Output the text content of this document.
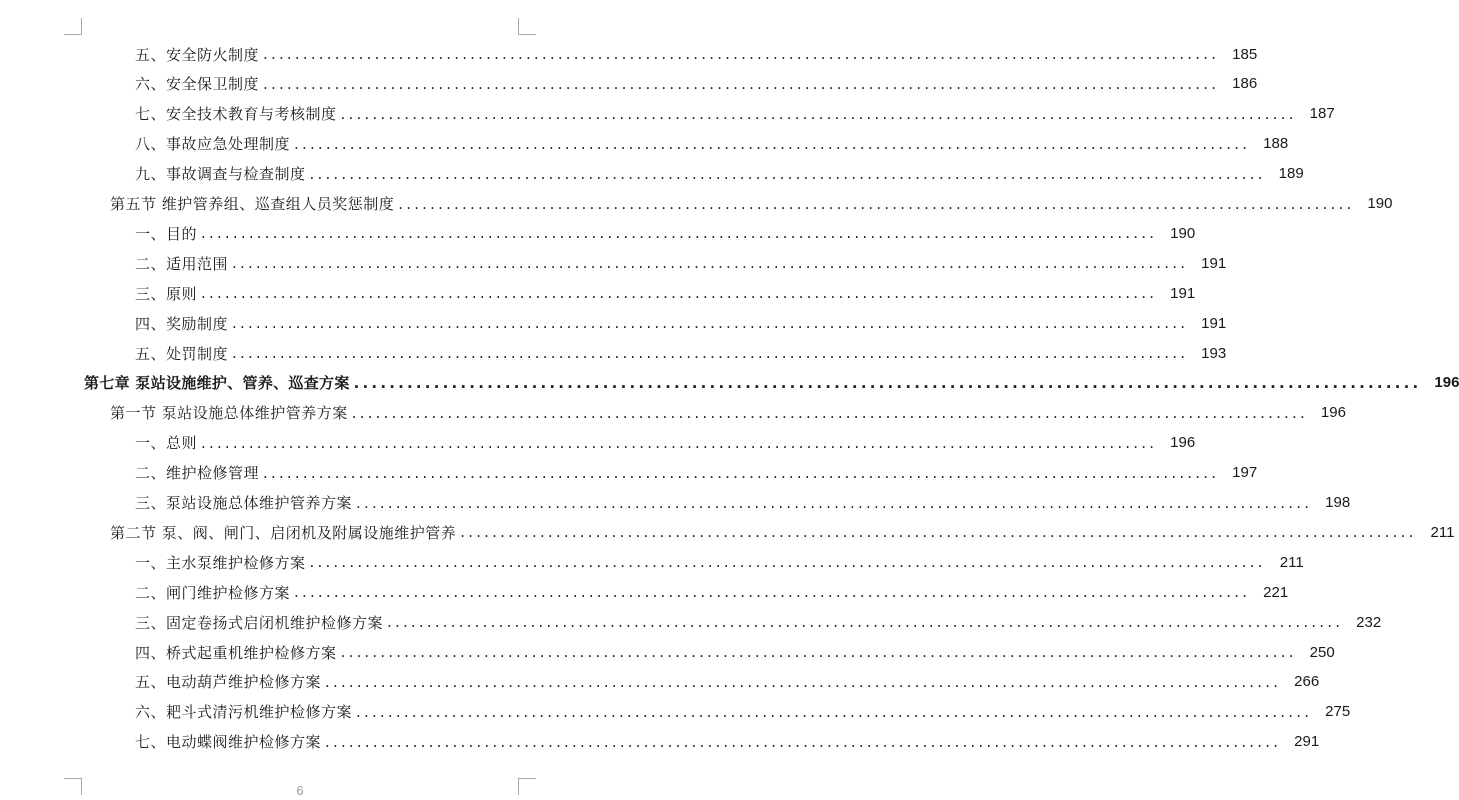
五、安全防火制度 ........................................................................................................................ 185
六、安全保卫制度 ........................................................................................................................ 186
七、安全技术教育与考核制度 ........................................................................................................................ 187
八、事故应急处理制度 ........................................................................................................................ 188
九、事故调查与检查制度 ........................................................................................................................ 189
第五节 维护管养组、巡查组人员奖惩制度 ........................................................................................................................ 190
一、目的 ........................................................................................................................ 190
二、适用范围 ........................................................................................................................ 191
三、原则 ........................................................................................................................ 191
四、奖励制度 ........................................................................................................................ 191
五、处罚制度 ........................................................................................................................ 193
第七章 泵站设施维护、管养、巡查方案 ........................................................................................................................ 196
第一节 泵站设施总体维护管养方案 ........................................................................................................................ 196
一、总则 ........................................................................................................................ 196
二、维护检修管理 ........................................................................................................................ 197
三、泵站设施总体维护管养方案 ........................................................................................................................ 198
第二节 泵、阀、闸门、启闭机及附属设施维护管养 ........................................................................................................................ 211
一、主水泵维护检修方案 ........................................................................................................................ 211
二、闸门维护检修方案 ........................................................................................................................ 221
三、固定卷扬式启闭机维护检修方案 ........................................................................................................................ 232
四、桥式起重机维护检修方案 ........................................................................................................................ 250
五、电动葫芦维护检修方案 ........................................................................................................................ 266
六、耙斗式清污机维护检修方案 ........................................................................................................................ 275
七、电动蝶阀维护检修方案 ........................................................................................................................ 291
6
